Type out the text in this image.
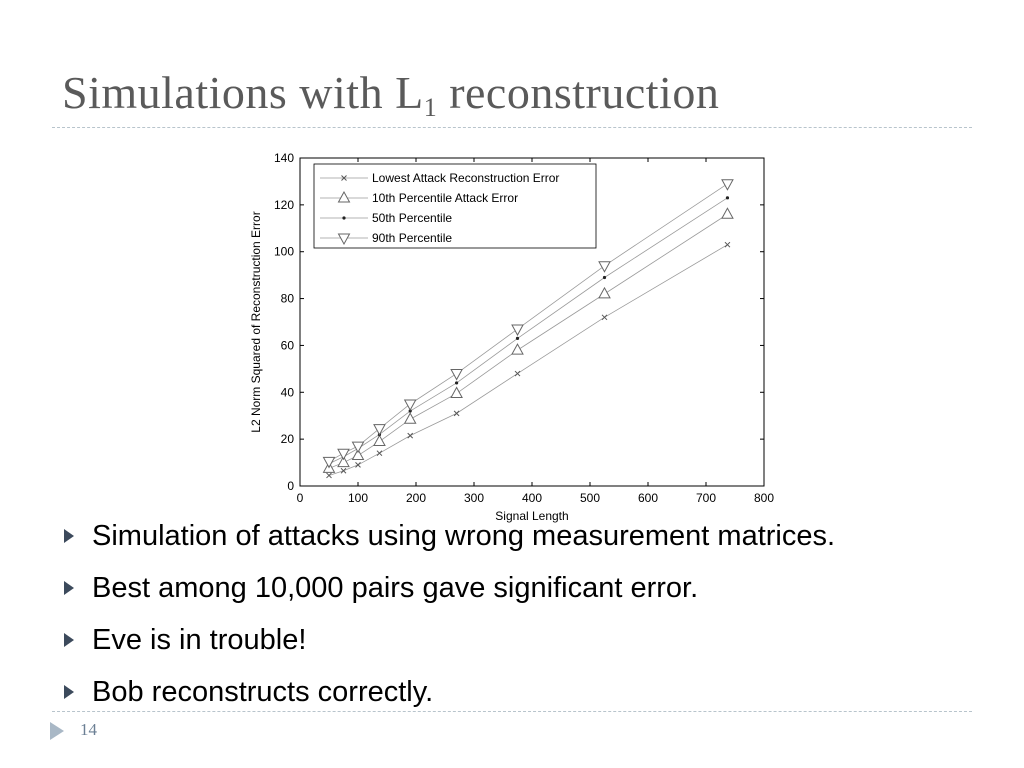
Simulations with $L_1$ reconstruction
0	100	200	300	400	500	600	700	800
0
20
40
60
80
100
120
140
Signal Length
L2 Norm Squared of Reconstruction Error
Lowest Attack Reconstruction Error
10th Percentile Attack Error
50th Percentile
90th Percentile
Simulation of attacks using wrong measurement matrices.
Best among 10,000 pairs gave significant error.
Eve is in trouble!
Bob reconstructs correctly.
14
